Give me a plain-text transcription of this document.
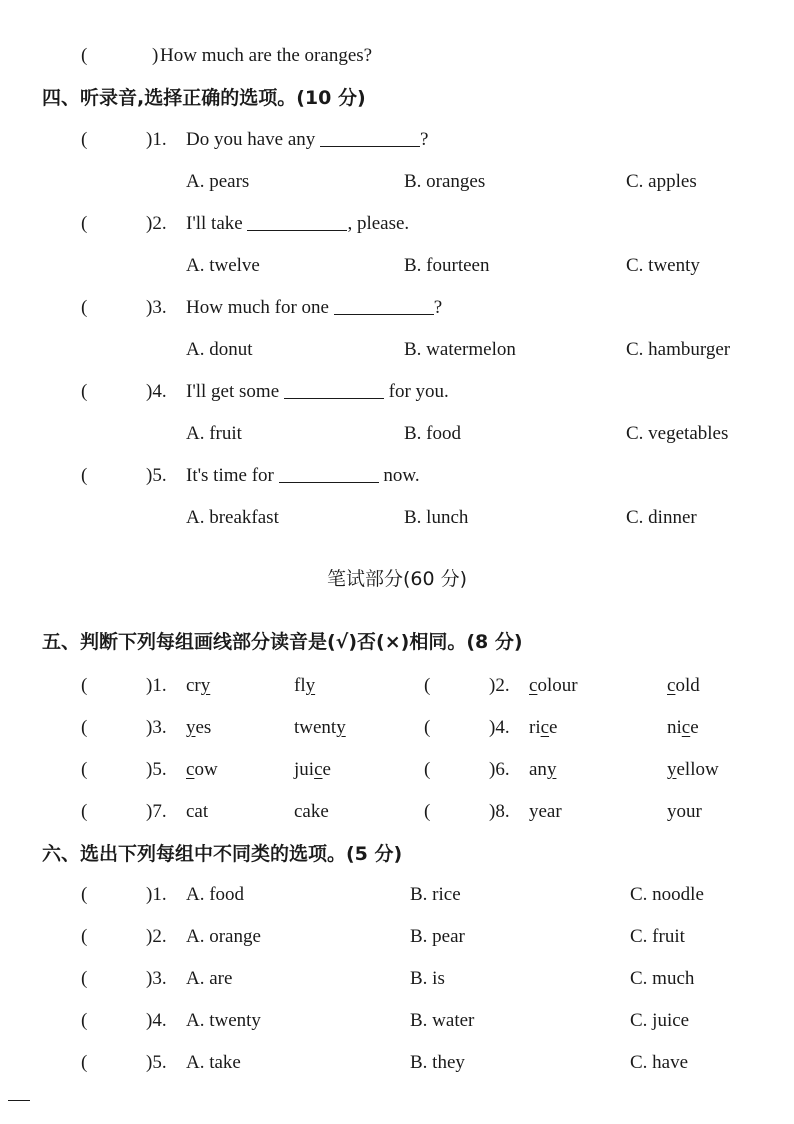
(	) How much are the oranges?
四、听录音,选择正确的选项。(10 分)
(	)1. Do you have any	?
A. pears	B. oranges	C. apples
(	)2. I'll take	, please.
A. twelve	B. fourteen	C. twenty
(	)3. How much for one	?
A. donut	B. watermelon	C. hamburger
(	)4. I'll get some	for you.
A. fruit	B. food	C. vegetables
(	)5. It's time for	now.
A. breakfast	B. lunch	C. dinner
笔试部分(60 分)
五、判断下列每组画线部分读音是(√)否(×)相同。(8 分)
(	)1. cry	fly	(	)2. colour	cold
(	)3. yes	twenty	(	)4. rice	nice
(	)5. cow	juice	(	)6. any	yellow
(	)7. cat	cake	(	)8. year	your
六、选出下列每组中不同类的选项。(5 分)
(	)1. A. food	B. rice	C. noodle
(	)2. A. orange	B. pear	C. fruit
(	)3. A. are	B. is	C. much
(	)4. A. twenty	B. water	C. juice
(	)5. A. take	B. they	C. have
